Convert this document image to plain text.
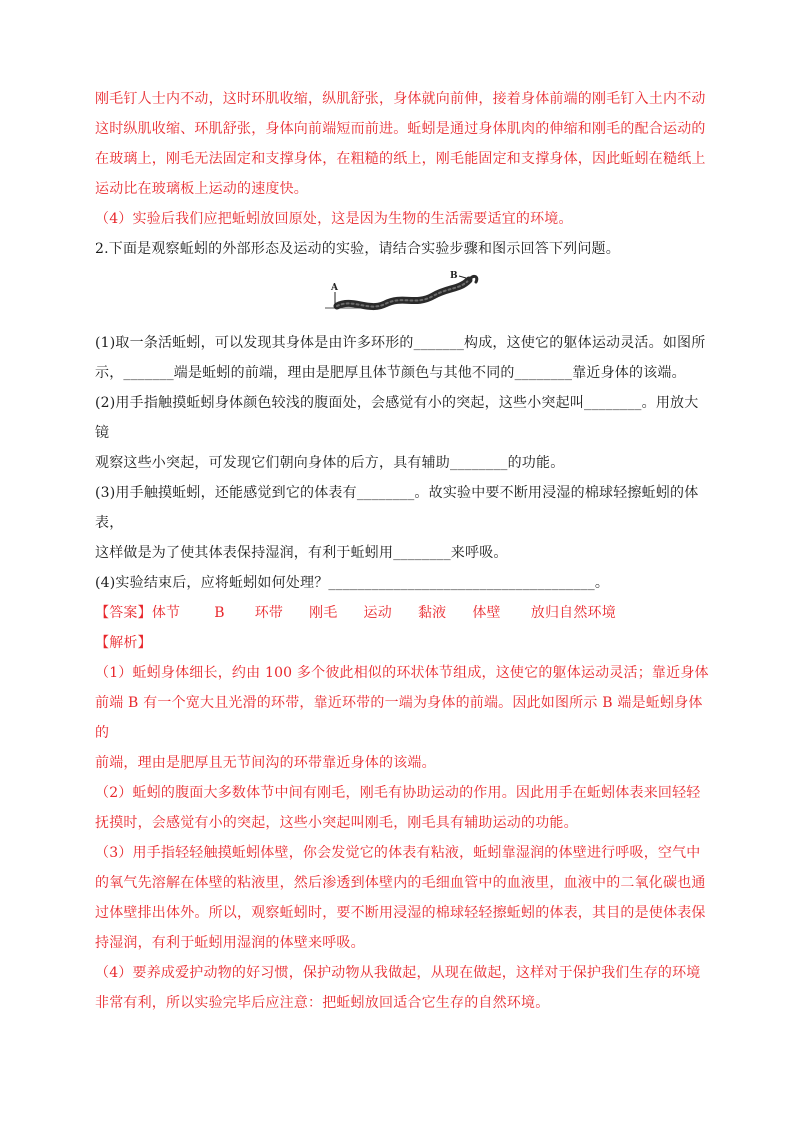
刚毛钉人士内不动，这时环肌收缩，纵肌舒张，身体就向前伸，接着身体前端的刚毛钉入土内不动

这时纵肌收缩、环肌舒张，身体向前端短而前进。蚯蚓是通过身体肌肉的伸缩和刚毛的配合运动的

在玻璃上，刚毛无法固定和支撑身体，在粗糙的纸上，刚毛能固定和支撑身体，因此蚯蚓在糙纸上

运动比在玻璃板上运动的速度快。

（4）实验后我们应把蚯蚓放回原处，这是因为生物的生活需要适宜的环境。

2.下面是观察蚯蚓的外部形态及运动的实验，请结合实验步骤和图示回答下列问题。

A
B

(1)取一条活蚯蚓，可以发现其身体是由许多环形的_______构成，这使它的躯体运动灵活。如图所

示，_______端是蚯蚓的前端，理由是肥厚且体节颜色与其他不同的________靠近身体的该端。

(2)用手指触摸蚯蚓身体颜色较浅的腹面处，会感觉有小的突起，这些小突起叫________。用放大镜

观察这些小突起，可发现它们朝向身体的后方，具有辅助________的功能。

(3)用手触摸蚯蚓，还能感觉到它的体表有________。故实验中要不断用浸湿的棉球轻擦蚯蚓的体表，

这样做是为了使其体表保持湿润，有利于蚯蚓用________来呼吸。

(4)实验结束后，应将蚯蚓如何处理？_____________________________________。

【答案】体节 B 环带 刚毛 运动 黏液 体壁 放归自然环境

【解析】

（1）蚯蚓身体细长，约由 100 多个彼此相似的环状体节组成，这使它的躯体运动灵活；靠近身体

前端 B 有一个宽大且光滑的环带，靠近环带的一端为身体的前端。因此如图所示 B 端是蚯蚓身体的

前端，理由是肥厚且无节间沟的环带靠近身体的该端。

（2）蚯蚓的腹面大多数体节中间有刚毛，刚毛有协助运动的作用。因此用手在蚯蚓体表来回轻轻

抚摸时，会感觉有小的突起，这些小突起叫刚毛，刚毛具有辅助运动的功能。

（3）用手指轻轻触摸蚯蚓体壁，你会发觉它的体表有粘液，蚯蚓靠湿润的体壁进行呼吸，空气中

的氧气先溶解在体壁的粘液里，然后渗透到体壁内的毛细血管中的血液里，血液中的二氧化碳也通

过体壁排出体外。所以，观察蚯蚓时，要不断用浸湿的棉球轻轻擦蚯蚓的体表，其目的是使体表保

持湿润，有利于蚯蚓用湿润的体壁来呼吸。

（4）要养成爱护动物的好习惯，保护动物从我做起，从现在做起，这样对于保护我们生存的环境

非常有利，所以实验完毕后应注意：把蚯蚓放回适合它生存的自然环境。
